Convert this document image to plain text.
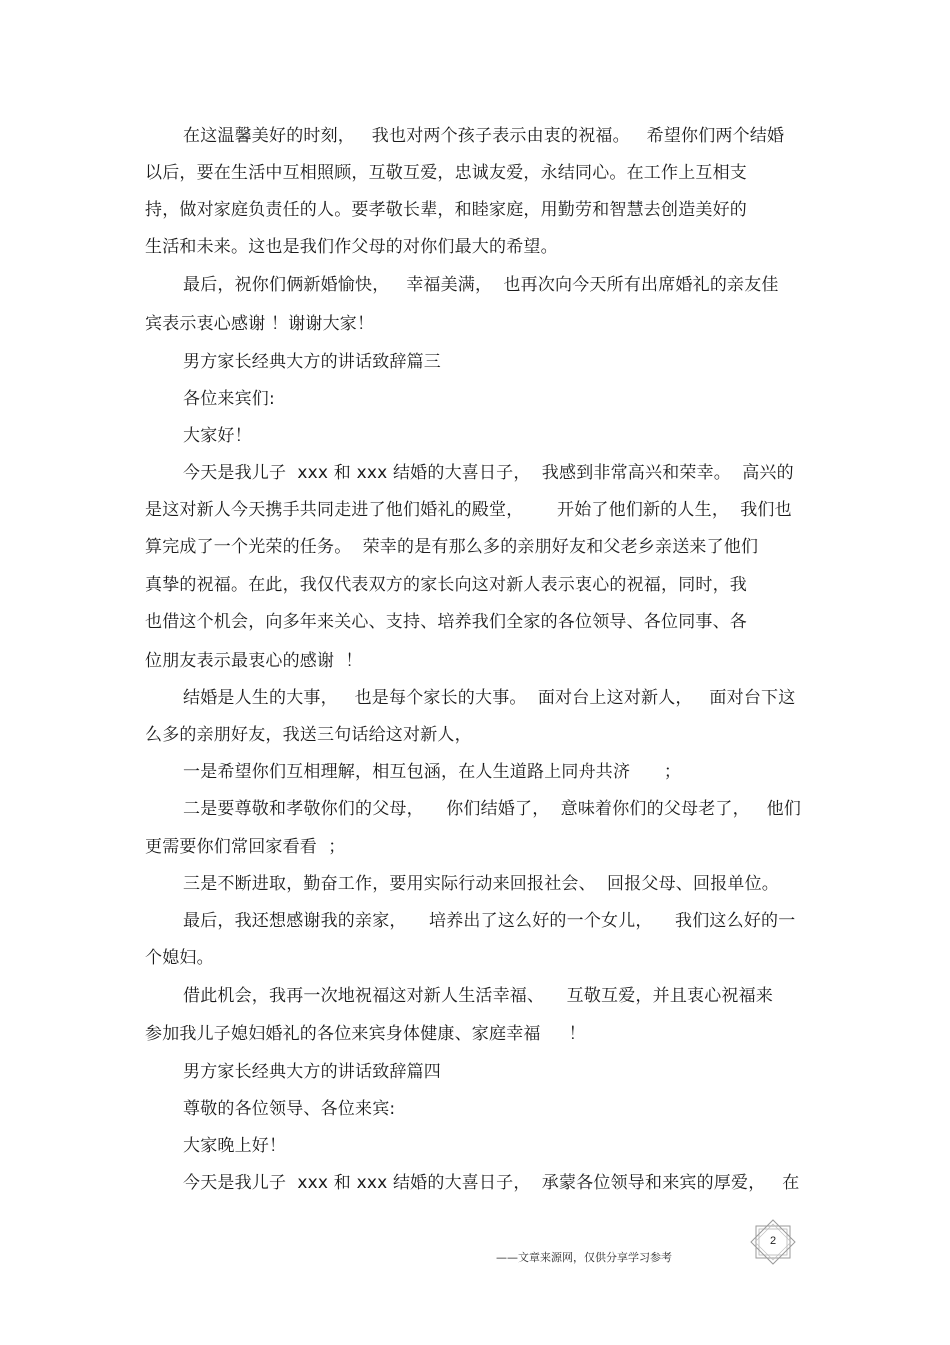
在这温馨美好的时刻，   我也对两个孩子表示由衷的祝福。   希望你们两个结婚
以后，要在生活中互相照顾，互敬互爱，忠诚友爱，永结同心。在工作上互相支
持，做对家庭负责任的人。要孝敬长辈，和睦家庭，用勤劳和智慧去创造美好的
生活和未来。这也是我们作父母的对你们最大的希望。
最后，祝你们俩新婚愉快，   幸福美满，  也再次向今天所有出席婚礼的亲友佳
宾表示衷心感谢 ！谢谢大家！
男方家长经典大方的讲话致辞篇三
各位来宾们:
大家好！
今天是我儿子  xxx 和 xxx 结婚的大喜日子，  我感到非常高兴和荣幸。  高兴的
是这对新人今天携手共同走进了他们婚礼的殿堂，      开始了他们新的人生，  我们也
算完成了一个光荣的任务。  荣幸的是有那么多的亲朋好友和父老乡亲送来了他们
真挚的祝福。在此，我仅代表双方的家长向这对新人表示衷心的祝福，同时，我
也借这个机会，向多年来关心、支持、培养我们全家的各位领导、各位同事、各
位朋友表示最衷心的感谢  ！
结婚是人生的大事，   也是每个家长的大事。  面对台上这对新人，   面对台下这
么多的亲朋好友，我送三句话给这对新人，
一是希望你们互相理解，相互包涵，在人生道路上同舟共济      ；
二是要尊敬和孝敬你们的父母，    你们结婚了，  意味着你们的父母老了，   他们
更需要你们常回家看看  ；
三是不断进取，勤奋工作，要用实际行动来回报社会、  回报父母、回报单位。
最后，我还想感谢我的亲家，    培养出了这么好的一个女儿，    我们这么好的一
个媳妇。
借此机会，我再一次地祝福这对新人生活幸福、    互敬互爱，并且衷心祝福来
参加我儿子媳妇婚礼的各位来宾身体健康、家庭幸福     ！
男方家长经典大方的讲话致辞篇四
尊敬的各位领导、各位来宾:
大家晚上好！
今天是我儿子  xxx 和 xxx 结婚的大喜日子，  承蒙各位领导和来宾的厚爱，   在
——文章来源网，仅供分享学习参考
2
